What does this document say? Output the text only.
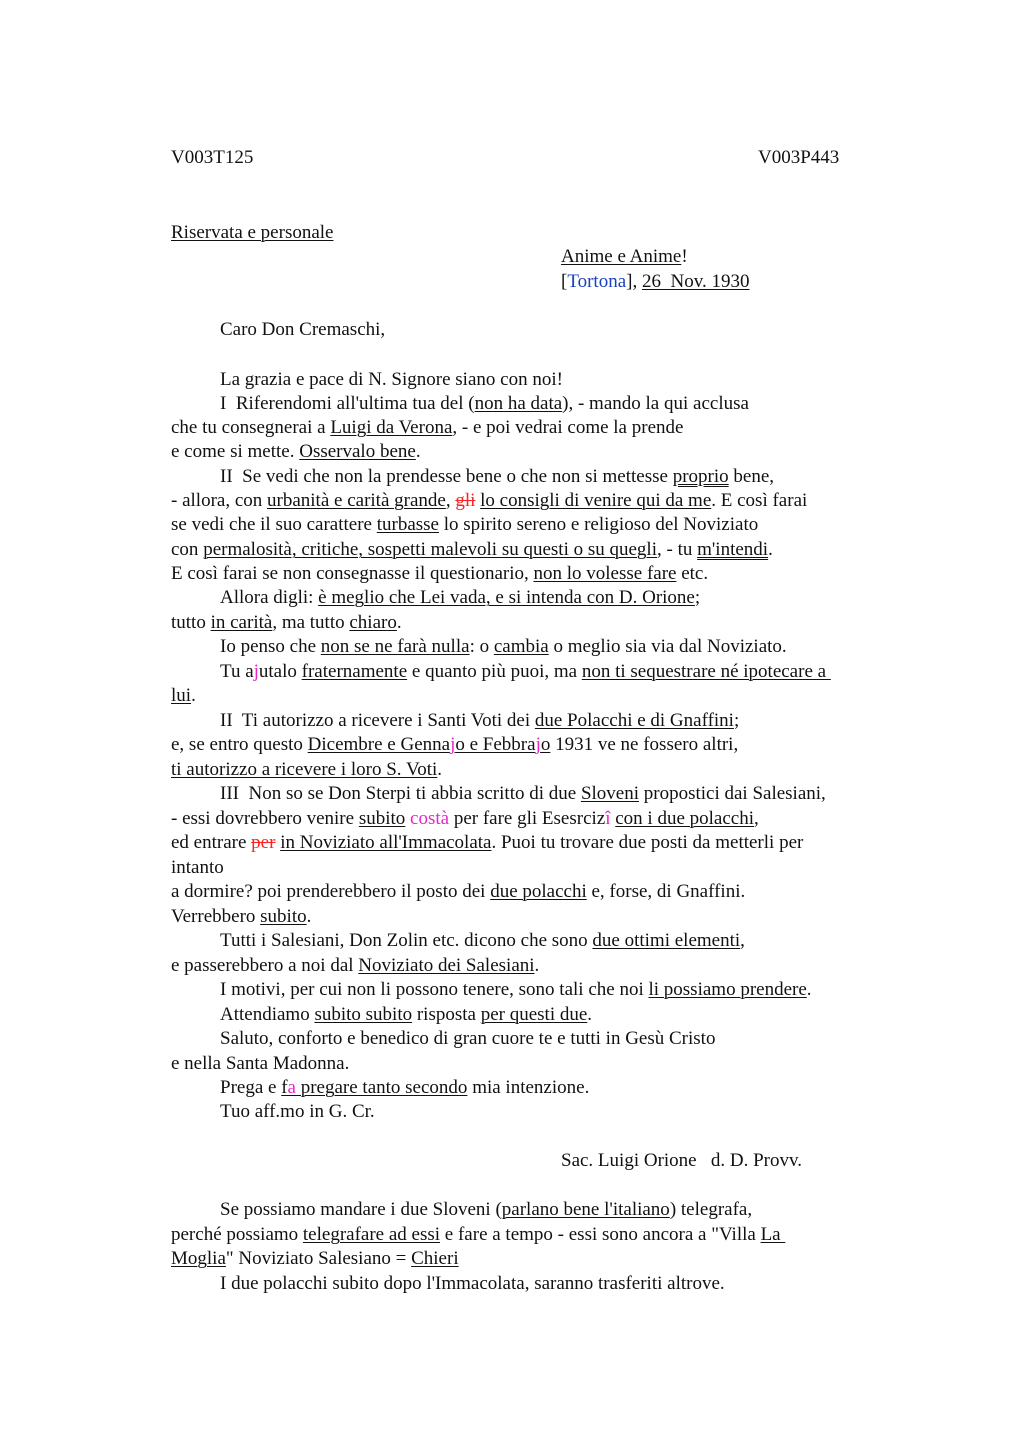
V003T125	V003P443
Riservata e personale
Anime e Anime!
[Tortona], 26  Nov. 1930
Caro Don Cremaschi,
La grazia e pace di N. Signore siano con noi!
I  Riferendomi all'ultima tua del (non ha data), - mando la qui acclusa
che tu consegnerai a Luigi da Verona, - e poi vedrai come la prende
e come si mette. Osservalo bene.
II  Se vedi che non la prendesse bene o che non si mettesse proprio bene,
- allora, con urbanità e carità grande, gli lo consigli di venire qui da me. E così farai
se vedi che il suo carattere turbasse lo spirito sereno e religioso del Noviziato
con permalosità, critiche, sospetti malevoli su questi o su quegli, - tu m'intendi.
E così farai se non consegnasse il questionario, non lo volesse fare etc.
Allora digli: è meglio che Lei vada, e si intenda con D. Orione;
tutto in carità, ma tutto chiaro.
Io penso che non se ne farà nulla: o cambia o meglio sia via dal Noviziato.
Tu ajutalo fraternamente e quanto più puoi, ma non ti sequestrare né ipotecare a
lui.
II  Ti autorizzo a ricevere i Santi Voti dei due Polacchi e di Gnaffini;
e, se entro questo Dicembre e Gennajo e Febbrajo 1931 ve ne fossero altri,
ti autorizzo a ricevere i loro S. Voti.
III  Non so se Don Sterpi ti abbia scritto di due Sloveni propostici dai Salesiani,
- essi dovrebbero venire subito costà per fare gli Esesrcizî con i due polacchi,
ed entrare per in Noviziato all'Immacolata. Puoi tu trovare due posti da metterli per
intanto
a dormire? poi prenderebbero il posto dei due polacchi e, forse, di Gnaffini.
Verrebbero subito.
Tutti i Salesiani, Don Zolin etc. dicono che sono due ottimi elementi,
e passerebbero a noi dal Noviziato dei Salesiani.
I motivi, per cui non li possono tenere, sono tali che noi li possiamo prendere.
Attendiamo subito subito risposta per questi due.
Saluto, conforto e benedico di gran cuore te e tutti in Gesù Cristo
e nella Santa Madonna.
Prega e fa pregare tanto secondo mia intenzione.
Tuo aff.mo in G. Cr.
Sac. Luigi Orione   d. D. Provv.
Se possiamo mandare i due Sloveni (parlano bene l'italiano) telegrafa,
perché possiamo telegrafare ad essi e fare a tempo - essi sono ancora a "Villa La
Moglia" Noviziato Salesiano = Chieri
I due polacchi subito dopo l'Immacolata, saranno trasferiti altrove.
